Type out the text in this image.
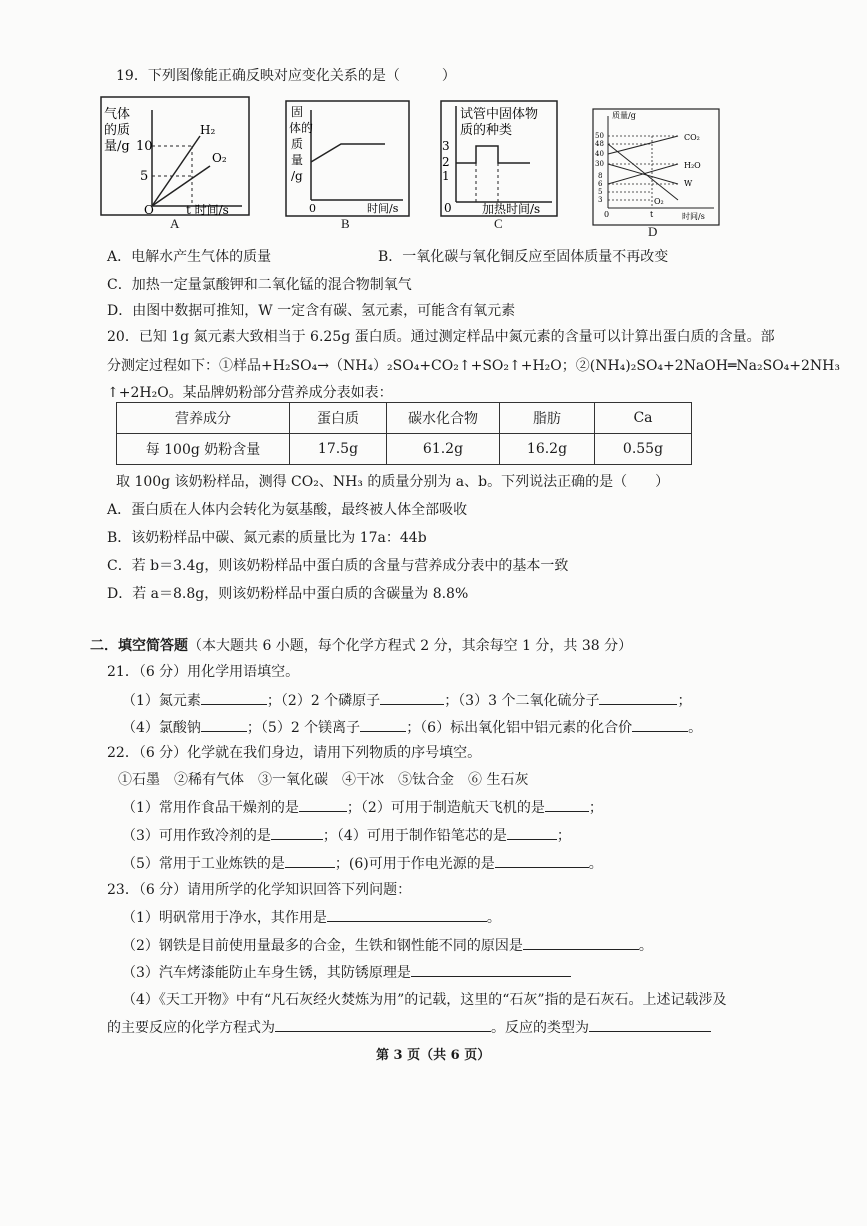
19．下列图像能正确反映对应变化关系的是（　　　）
气体
的质
量/g 10
5
O	t 时间/s
H₂
O₂
A
固
体的
质
量
/g
0	时间/s
B
试管中固体物
质的种类
3
2
1
0	加热时间/s
C
质量/g
50
48
40
30
8
6
5
3
CO₂
H₂O
W
O₂
0	t	时间/s
D
A．电解水产生气体的质量	B．一氧化碳与氧化铜反应至固体质量不再改变
C．加热一定量氯酸钾和二氧化锰的混合物制氧气
D．由图中数据可推知，W 一定含有碳、氢元素，可能含有氧元素
20．已知 1g 氮元素大致相当于 6.25g 蛋白质。通过测定样品中氮元素的含量可以计算出蛋白质的含量。部
分测定过程如下：①样品+H₂SO₄→（NH₄）₂SO₄+CO₂↑+SO₂↑+H₂O；②(NH₄)₂SO₄+2NaOH═Na₂SO₄+2NH₃
↑+2H₂O。某品牌奶粉部分营养成分表如表：
营养成分	蛋白质	碳水化合物	脂肪	Ca
每 100g 奶粉含量	17.5g	61.2g	16.2g	0.55g
取 100g 该奶粉样品，测得 CO₂、NH₃ 的质量分别为 a、b。下列说法正确的是（　　）
A．蛋白质在人体内会转化为氨基酸，最终被人体全部吸收
B．该奶粉样品中碳、氮元素的质量比为 17a：44b
C．若 b＝3.4g，则该奶粉样品中蛋白质的含量与营养成分表中的基本一致
D．若 a＝8.8g，则该奶粉样品中蛋白质的含碳量为 8.8%
二．填空简答题（本大题共 6 小题，每个化学方程式 2 分，其余每空 1 分，共 38 分）
21．（6 分）用化学用语填空。
（1）氮元素	；（2）2 个磷原子	；（3）3 个二氧化硫分子	；
（4）氯酸钠	；（5）2 个镁离子	；（6）标出氧化铝中铝元素的化合价	。
22．（6 分）化学就在我们身边，请用下列物质的序号填空。
①石墨　②稀有气体　③一氧化碳　④干冰　⑤钛合金　⑥ 生石灰
（1）常用作食品干燥剂的是	；（2）可用于制造航天飞机的是	；
（3）可用作致冷剂的是	；（4）可用于制作铅笔芯的是	；
（5）常用于工业炼铁的是	；(6)可用于作电光源的是	。
23．（6 分）请用所学的化学知识回答下列问题：
（1）明矾常用于净水，其作用是	。
（2）钢铁是目前使用量最多的合金，生铁和钢性能不同的原因是	。
（3）汽车烤漆能防止车身生锈，其防锈原理是
（4）《天工开物》中有“凡石灰经火焚炼为用”的记载，这里的“石灰”指的是石灰石。上述记载涉及
的主要反应的化学方程式为	。反应的类型为
第 3 页（共 6 页）
